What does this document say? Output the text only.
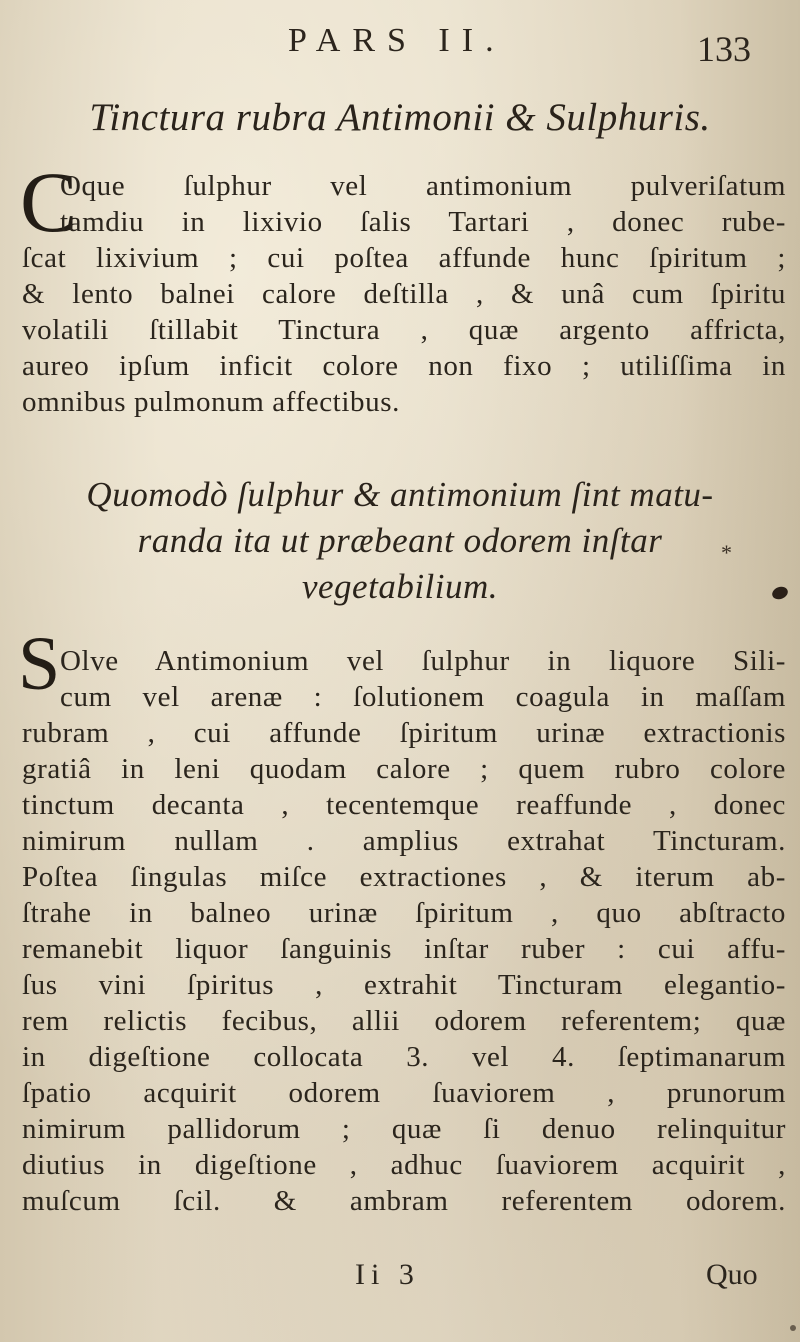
PARS II.	133
Tinctura rubra Antimonii & Sulphuris.
C
Oque ſulphur vel antimonium pulveriſatum
tamdiu in lixivio ſalis Tartari , donec rube-
ſcat lixivium ; cui poſtea affunde hunc ſpiritum ;
& lento balnei calore deſtilla , & unâ cum ſpiritu
volatili ſtillabit Tinctura , quæ argento affricta,
aureo ipſum inficit colore non fixo ; utiliſſima in
omnibus pulmonum affectibus.
Quomodò ſulphur & antimonium ſint matu-
randa ita ut præbeant odorem inſtar
vegetabilium.
*
S Olve Antimonium vel ſulphur in liquore Sili-
cum vel arenæ : ſolutionem coagula in maſſam
rubram , cui affunde ſpiritum urinæ extractionis
gratiâ in leni quodam calore ; quem rubro colore
tinctum decanta , tecentemque reaffunde , donec
nimirum nullam . amplius extrahat Tincturam.
Poſtea ſingulas miſce extractiones , & iterum ab-
ſtrahe in balneo urinæ ſpiritum , quo abſtracto
remanebit liquor ſanguinis inſtar ruber : cui affu-
ſus vini ſpiritus , extrahit Tincturam elegantio-
rem relictis fecibus, allii odorem referentem; quæ
in digeſtione collocata 3. vel 4. ſeptimanarum
ſpatio acquirit odorem ſuaviorem , prunorum
nimirum pallidorum ; quæ ſi denuo relinquitur
diutius in digeſtione , adhuc ſuaviorem acquirit ,
muſcum ſcil. & ambram referentem odorem.
Ii 3	Quo
